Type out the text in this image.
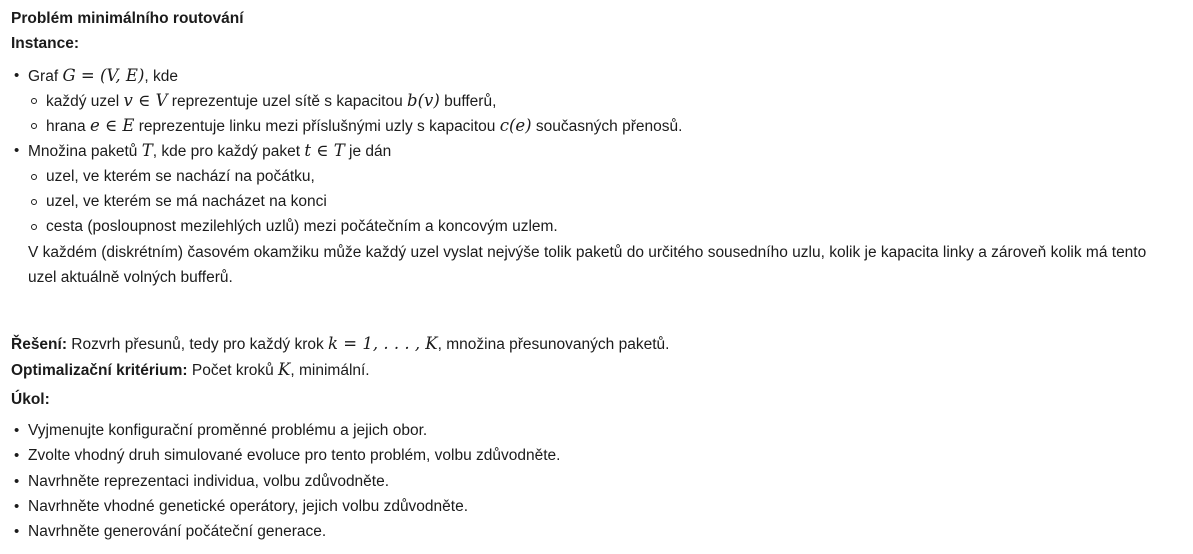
Problém minimálního routování
Instance:
• Graf G = (V, E), kde
každý uzel v ∈ V reprezentuje uzel sítě s kapacitou b(v) bufferů,
hrana e ∈ E reprezentuje linku mezi příslušnými uzly s kapacitou c(e) současných přenosů.
• Množina paketů T, kde pro každý paket t ∈ T je dán
uzel, ve kterém se nachází na počátku,
uzel, ve kterém se má nacházet na konci
cesta (posloupnost mezilehlých uzlů) mezi počátečním a koncovým uzlem.
V každém (diskrétním) časovém okamžiku může každý uzel vyslat nejvýše tolik paketů do určitého sousedního uzlu, kolik je kapacita linky a zároveň kolik má tento uzel aktuálně volných bufferů.
Řešení: Rozvrh přesunů, tedy pro každý krok k = 1, . . . , K, množina přesunovaných paketů.
Optimalizační kritérium: Počet kroků K, minimální.
Úkol:
• Vyjmenujte konfigurační proměnné problému a jejich obor.
• Zvolte vhodný druh simulované evoluce pro tento problém, volbu zdůvodněte.
• Navrhněte reprezentaci individua, volbu zdůvodněte.
• Navrhněte vhodné genetické operátory, jejich volbu zdůvodněte.
• Navrhněte generování počáteční generace.
